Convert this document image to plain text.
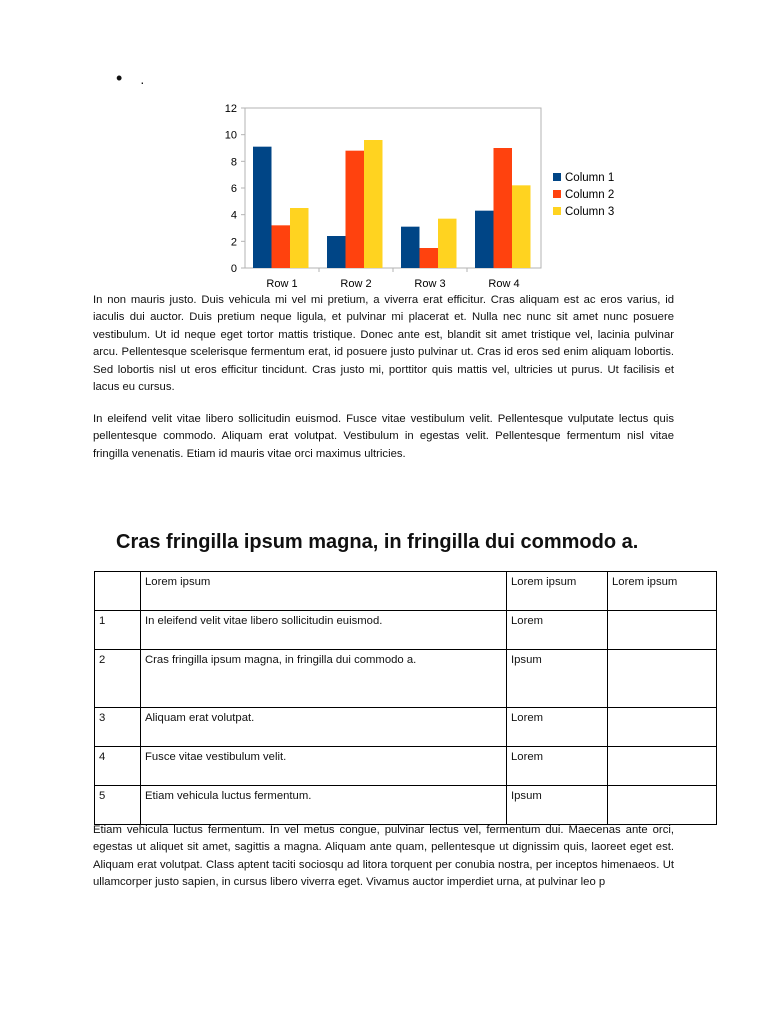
• .
0
2
4
6
8
10
12
Row 1	Row 2	Row 3	Row 4
Column 1
Column 2
Column 3

In non mauris justo. Duis vehicula mi vel mi pretium, a viverra erat efficitur. Cras aliquam est ac eros varius, id iaculis dui auctor. Duis pretium neque ligula, et pulvinar mi placerat et. Nulla nec nunc sit amet nunc posuere vestibulum. Ut id neque eget tortor mattis tristique. Donec ante est, blandit sit amet tristique vel, lacinia pulvinar arcu. Pellentesque scelerisque fermentum erat, id posuere justo pulvinar ut. Cras id eros sed enim aliquam lobortis. Sed lobortis nisl ut eros efficitur tincidunt. Cras justo mi, porttitor quis mattis vel, ultricies ut purus. Ut facilisis et lacus eu cursus.

In eleifend velit vitae libero sollicitudin euismod. Fusce vitae vestibulum velit. Pellentesque vulputate lectus quis pellentesque commodo. Aliquam erat volutpat. Vestibulum in egestas velit. Pellentesque fermentum nisl vitae fringilla venenatis. Etiam id mauris vitae orci maximus ultricies.

Cras fringilla ipsum magna, in fringilla dui commodo a.
	Lorem ipsum	Lorem ipsum	Lorem ipsum
1	In eleifend velit vitae libero sollicitudin euismod.	Lorem	
2	Cras fringilla ipsum magna, in fringilla dui commodo a.	Ipsum	
3	Aliquam erat volutpat.	Lorem	
4	Fusce vitae vestibulum velit.	Lorem	
5	Etiam vehicula luctus fermentum.	Ipsum	

Etiam vehicula luctus fermentum. In vel metus congue, pulvinar lectus vel, fermentum dui. Maecenas ante orci, egestas ut aliquet sit amet, sagittis a magna. Aliquam ante quam, pellentesque ut dignissim quis, laoreet eget est. Aliquam erat volutpat. Class aptent taciti sociosqu ad litora torquent per conubia nostra, per inceptos himenaeos. Ut ullamcorper justo sapien, in cursus libero viverra eget. Vivamus auctor imperdiet urna, at pulvinar leo p
